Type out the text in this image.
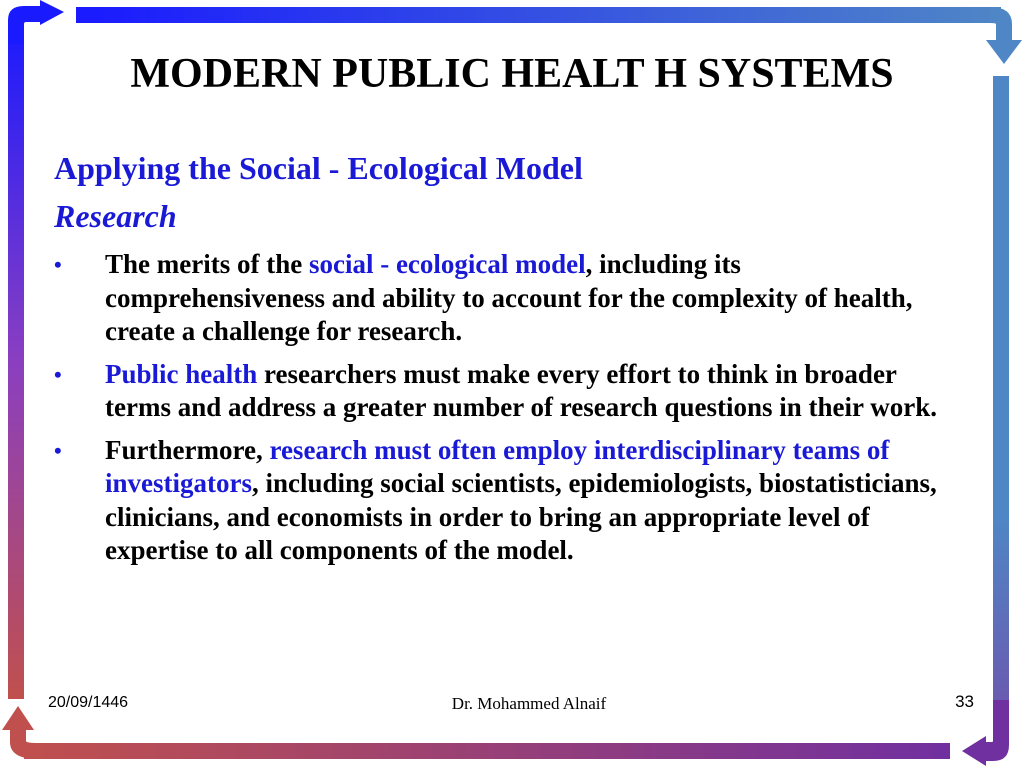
MODERN PUBLIC HEALT H SYSTEMS
Applying the Social - Ecological Model
Research
• The merits of the social - ecological model, including its comprehensiveness and ability to account for the complexity of health, create a challenge for research.
• Public health researchers must make every effort to think in broader terms and address a greater number of research questions in their work.
• Furthermore, research must often employ interdisciplinary teams of investigators, including social scientists, epidemiologists, biostatisticians, clinicians, and economists in order to bring an appropriate level of expertise to all components of the model.
20/09/1446	Dr. Mohammed Alnaif	33
